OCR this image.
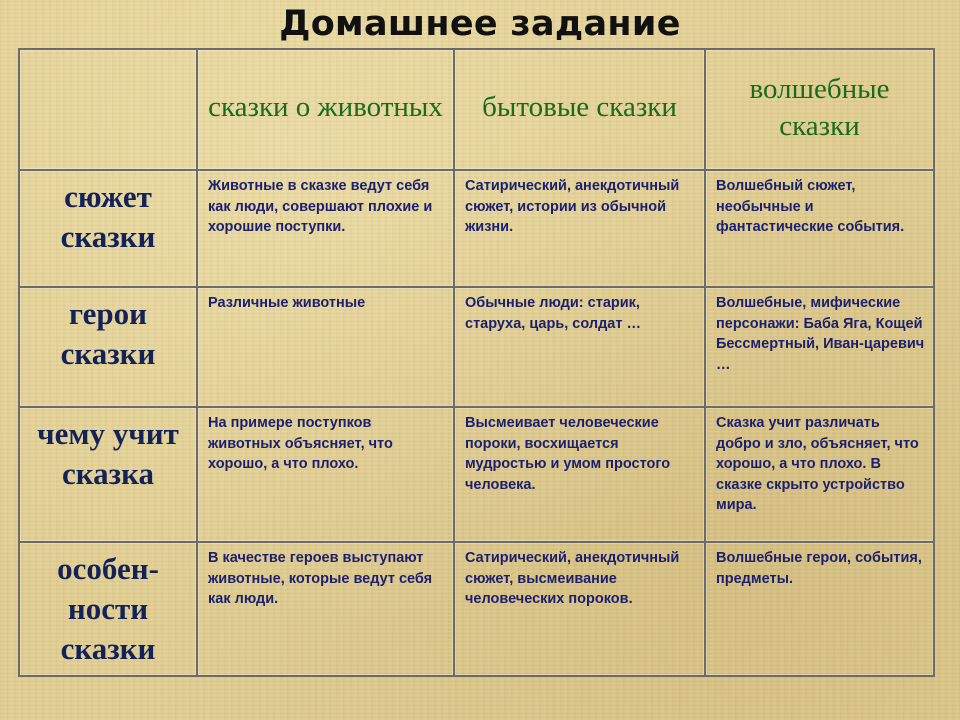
Домашнее задание

	сказки о животных	бытовые сказки	волшебные сказки

сюжет сказки	Животные в сказке ведут себя как люди, совершают плохие и хорошие поступки.	Сатирический, анекдотичный сюжет, истории из обычной жизни.	Волшебный сюжет, необычные и фантастические события.

герои сказки	Различные животные	Обычные люди: старик, старуха, царь, солдат …	Волшебные, мифические персонажи: Баба Яга, Кощей Бессмертный, Иван-царевич …

чему учит сказка	На примере поступков животных объясняет, что хорошо, а что плохо.	Высмеивает человеческие пороки, восхищается мудростью и умом простого человека.	Сказка учит различать добро и зло, объясняет, что хорошо, а что плохо. В сказке скрыто устройство мира.

особен-ности сказки	В качестве героев выступают животные, которые ведут себя как люди.	Сатирический, анекдотичный сюжет, высмеивание человеческих пороков.	Волшебные герои, события, предметы.
